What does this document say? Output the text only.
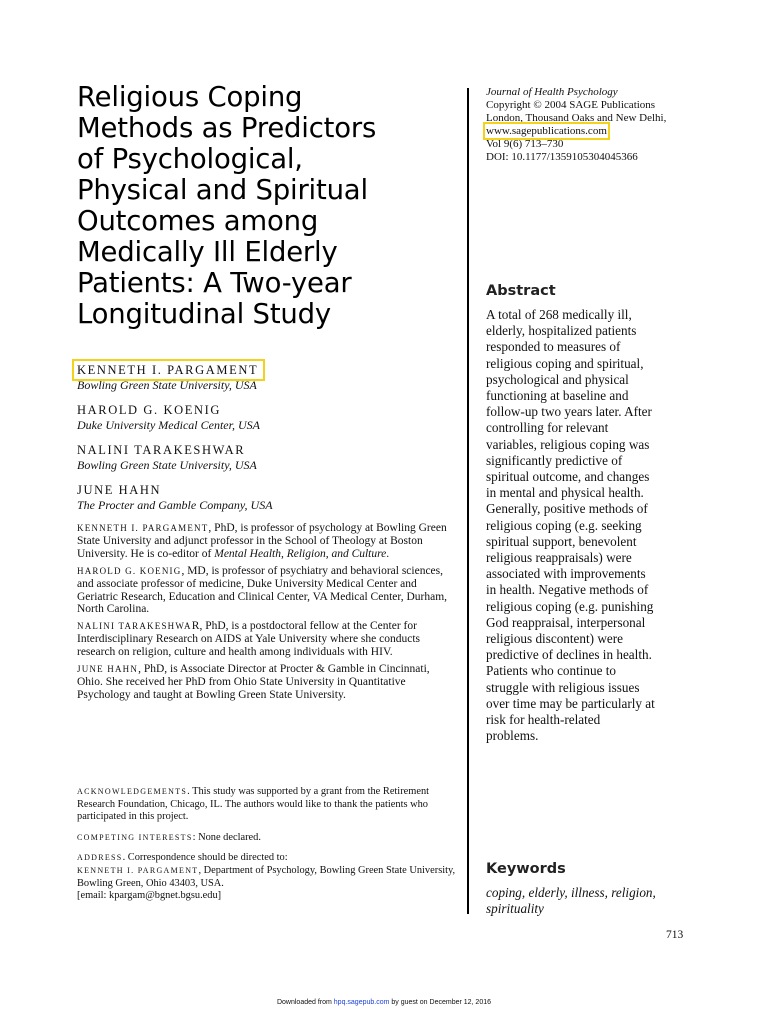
Religious Coping
Methods as Predictors
of Psychological,
Physical and Spiritual
Outcomes among
Medically Ill Elderly
Patients: A Two-year
Longitudinal Study
Journal of Health Psychology
Copyright © 2004 SAGE Publications
London, Thousand Oaks and New Delhi,
www.sagepublications.com
Vol 9(6) 713–730
DOI: 10.1177/1359105304045366
KENNETH I. PARGAMENT
Bowling Green State University, USA
HAROLD G. KOENIG
Duke University Medical Center, USA
NALINI TARAKESHWAR
Bowling Green State University, USA
JUNE HAHN
The Procter and Gamble Company, USA
KENNETH I. PARGAMENT, PhD, is professor of psychology at Bowling Green State University and adjunct professor in the School of Theology at Boston University. He is co-editor of Mental Health, Religion, and Culture.
HAROLD G. KOENIG, MD, is professor of psychiatry and behavioral sciences, and associate professor of medicine, Duke University Medical Center and Geriatric Research, Education and Clinical Center, VA Medical Center, Durham, North Carolina.
NALINI TARAKESHWAR, PhD, is a postdoctoral fellow at the Center for Interdisciplinary Research on AIDS at Yale University where she conducts research on religion, culture and health among individuals with HIV.
JUNE HAHN, PhD, is Associate Director at Procter & Gamble in Cincinnati, Ohio. She received her PhD from Ohio State University in Quantitative Psychology and taught at Bowling Green State University.

ACKNOWLEDGEMENTS. This study was supported by a grant from the Retirement Research Foundation, Chicago, IL. The authors would like to thank the patients who participated in this project.

COMPETING INTERESTS: None declared.

ADDRESS. Correspondence should be directed to:
KENNETH I. PARGAMENT, Department of Psychology, Bowling Green State University, Bowling Green, Ohio 43403, USA.
[email: kpargam@bgnet.bgsu.edu]

Abstract
A total of 268 medically ill,
elderly, hospitalized patients
responded to measures of
religious coping and spiritual,
psychological and physical
functioning at baseline and
follow-up two years later. After
controlling for relevant
variables, religious coping was
significantly predictive of
spiritual outcome, and changes
in mental and physical health.
Generally, positive methods of
religious coping (e.g. seeking
spiritual support, benevolent
religious reappraisals) were
associated with improvements
in health. Negative methods of
religious coping (e.g. punishing
God reappraisal, interpersonal
religious discontent) were
predictive of declines in health.
Patients who continue to
struggle with religious issues
over time may be particularly at
risk for health-related
problems.
Keywords
coping, elderly, illness, religion,
spirituality
713
Downloaded from hpq.sagepub.com by guest on December 12, 2016
